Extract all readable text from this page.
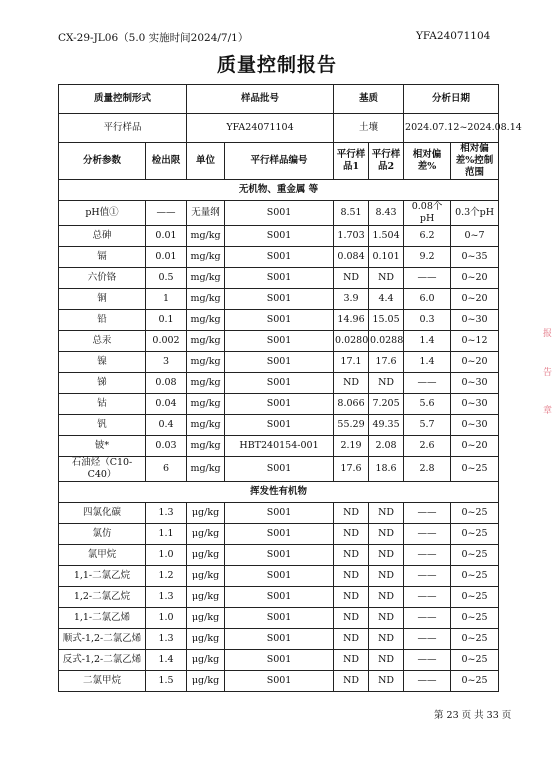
CX-29-JL06（5.0 实施时间2024/7/1）	YFA24071104
质量控制报告
质量控制形式		样品批号		基质		分析日期	
平行样品		YFA24071104		土壤		2024.07.12~2024.08.14	
分析参数	检出限	单位	平行样品编号	平行样品1	平行样品2	相对偏差%	相对偏差%控制范围
无机物、重金属 等							
pH值①	——	无量纲	S001	8.51	8.43	0.08个pH	0.3个pH
总砷	0.01	mg/kg	S001	1.703	1.504	6.2	0~7
镉	0.01	mg/kg	S001	0.084	0.101	9.2	0~35
六价铬	0.5	mg/kg	S001	ND	ND	——	0~20
铜	1	mg/kg	S001	3.9	4.4	6.0	0~20
铅	0.1	mg/kg	S001	14.96	15.05	0.3	0~30
总汞	0.002	mg/kg	S001	0.0280	0.0288	1.4	0~12
镍	3	mg/kg	S001	17.1	17.6	1.4	0~20
锑	0.08	mg/kg	S001	ND	ND	——	0~30
钴	0.04	mg/kg	S001	8.066	7.205	5.6	0~30
钒	0.4	mg/kg	S001	55.29	49.35	5.7	0~30
铍*	0.03	mg/kg	HBT240154-001	2.19	2.08	2.6	0~20
石油烃（C10-C40）	6	mg/kg	S001	17.6	18.6	2.8	0~25
挥发性有机物							
四氯化碳	1.3	μg/kg	S001	ND	ND	——	0~25
氯仿	1.1	μg/kg	S001	ND	ND	——	0~25
氯甲烷	1.0	μg/kg	S001	ND	ND	——	0~25
1,1-二氯乙烷	1.2	μg/kg	S001	ND	ND	——	0~25
1,2-二氯乙烷	1.3	μg/kg	S001	ND	ND	——	0~25
1,1-二氯乙烯	1.0	μg/kg	S001	ND	ND	——	0~25
顺式-1,2-二氯乙烯	1.3	μg/kg	S001	ND	ND	——	0~25
反式-1,2-二氯乙烯	1.4	μg/kg	S001	ND	ND	——	0~25
二氯甲烷	1.5	μg/kg	S001	ND	ND	——	0~25
第 23 页 共 33 页
报
告
章
